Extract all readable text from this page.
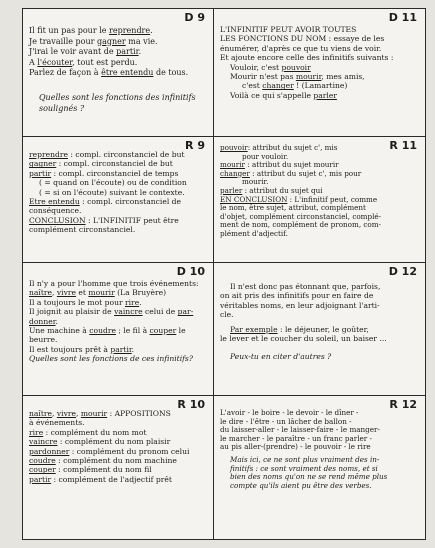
D 9
Il fit un pas pour le reprendre.
Je travaille pour gagner ma vie.
J'irai le voir avant de partir.
A l'écouter, tout est perdu.
Parlez de façon à être entendu de tous.
Quelles sont les fonctions des infinitifs
soulignés ?
D 11
L'INFINITIF PEUT AVOIR TOUTES
LES FONCTIONS DU NOM : essaye de les
énumérer, d'après ce que tu viens de voir.
Et ajoute encore celle des infinitifs suivants :
Vouloir, c'est pouvoir
Mourir n'est pas mourir, mes amis,
c'est changer ! (Lamartine)
Voilà ce qui s'appelle parler
R 9
reprendre : compl. circonstanciel de but
gagner : compl. circonstanciel de but
partir : compl. circonstanciel de temps
( = quand on l'écoute) ou de condition
( = si on l'écoute) suivant le contexte.
Etre entendu : compl. circonstanciel de
conséquence.
CONCLUSION : L'INFINITIF peut être
complément circonstanciel.
R 11
pouvoir: attribut du sujet c', mis
pour vouloir.
mourir : attribut du sujet mourir
changer : attribut du sujet c', mis pour
mourir.
parler : attribut du sujet qui
EN CONCLUSION : L'infinitif peut, comme
le nom, être sujet, attribut, complément
d'objet, complément circonstanciel, complé-
ment de nom, complément de pronom, com-
plément d'adjectif.
D 10
Il n'y a pour l'homme que trois événements:
naître, vivre et mourir (La Bruyère)
Il a toujours le mot pour rire.
Il joignit au plaisir de vaincre celui de par-
donner.
Une machine à coudre ; le fil à couper le
beurre.
Il est toujours prêt à partir.
Quelles sont les fonctions de ces infinitifs?
D 12
Il n'est donc pas étonnant que, parfois,
on ait pris des infinitifs pour en faire de
véritables noms, en leur adjoignant l'arti-
cle.
Par exemple : le déjeuner, le goûter,
le lever et le coucher du soleil, un baiser ...
Peux-tu en citer d'autres ?
R 10
naître, vivre, mourir : APPOSITIONS
à événements.
rire : complément du nom mot
vaincre : complément du nom plaisir
pardonner : complément du pronom celui
coudre : complément du nom machine
couper : complément du nom fil
partir : complément de l'adjectif prêt
R 12
L'avoir - le boire - le devoir - le dîner -
le dire - l'être - un lâcher de ballon -
du laisser-aller - le laisser-faire - le manger-
le marcher - le paraître - un franc parler -
au pis aller-(prendre) - le pouvoir - le rire
Mais ici, ce ne sont plus vraiment des in-
finitifs : ce sont vraiment des noms, et si
bien des noms qu'on ne se rend même plus
compte qu'ils aient pu être des verbes.
